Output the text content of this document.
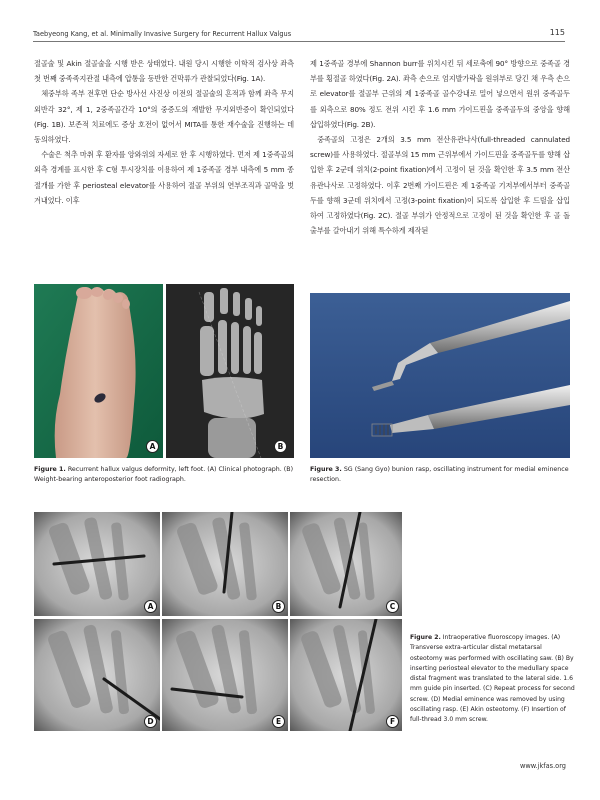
Taebyeong Kang, et al. Minimally Invasive Surgery for Recurrent Hallux Valgus	115

절골술 및 Akin 절골술을 시행 받은 상태였다. 내원 당시 시행한 이학적 검사상 좌측 첫 번째 중족족지관절 내측에 압통을 동반한 건막류가 관찰되었다(Fig. 1A).

체중부하 족부 전후면 단순 방사선 사진상 이전의 절골술의 흔적과 함께 좌측 무지외반각 32°, 제 1, 2중족골간각 10°의 중증도의 재발한 무지외반증이 확인되었다(Fig. 1B). 보존적 치료에도 증상 호전이 없어서 MITA를 통한 재수술을 진행하는 데 동의하였다.

수술은 척추 마취 후 환자를 앙와위의 자세로 한 후 시행하였다. 먼저 제 1중족골의 외측 경계를 표시한 후 C형 투시장치를 이용하여 제 1중족골 경부 내측에 5 mm 종절개를 가한 후 periosteal elevator를 사용하여 절골 부위의 연부조직과 골막을 벗겨내었다. 이후

제 1중족골 경부에 Shannon burr를 위치시킨 뒤 세로축에 90° 방향으로 중족골 경부를 횡절골 하였다(Fig. 2A). 좌측 손으로 엄지발가락을 원위부로 당긴 채 우측 손으로 elevator를 절골부 근위의 제 1중족골 골수강내로 밀어 넣으면서 원위 중족골두를 외측으로 80% 정도 전위 시킨 후 1.6 mm 가이드핀을 중족골두의 중앙을 향해 삽입하였다(Fig. 2B).

중족골의 고정은 2개의 3.5 mm 전산유관나사(full-threaded cannulated screw)를 사용하였다. 절골부의 15 mm 근위부에서 가이드핀을 중족골두를 향해 삽입한 후 2군데 위치(2-point fixation)에서 고정이 된 것을 확인한 후 3.5 mm 전산유관나사로 고정하였다. 이후 2번째 가이드핀은 제 1중족골 기저부에서부터 중족골두를 향해 3군데 위치에서 고정(3-point fixation)이 되도록 삽입한 후 드릴을 삽입하여 고정하였다(Fig. 2C). 절골 부위가 안정적으로 고정이 된 것을 확인한 후 골 돌출부를 갈아내기 위해 특수하게 제작된

A	B
Figure 1. Recurrent hallux valgus deformity, left foot. (A) Clinical photograph. (B) Weight-bearing anteroposterior foot radiograph.
Figure 3. SG (Sang Gyo) bunion rasp, oscillating instrument for medial eminence resection.
A	B	C
D	E	F
Figure 2. Intraoperative fluoroscopy images. (A) Transverse extra-articular distal metatarsal osteotomy was performed with oscillating saw. (B) By inserting periosteal elevator to the medullary space distal fragment was translated to the lateral side. 1.6 mm guide pin inserted. (C) Repeat process for second screw. (D) Medial eminence was removed by using oscillating rasp. (E) Akin osteotomy. (F) Insertion of full-thread 3.0 mm screw.
www.jkfas.org
